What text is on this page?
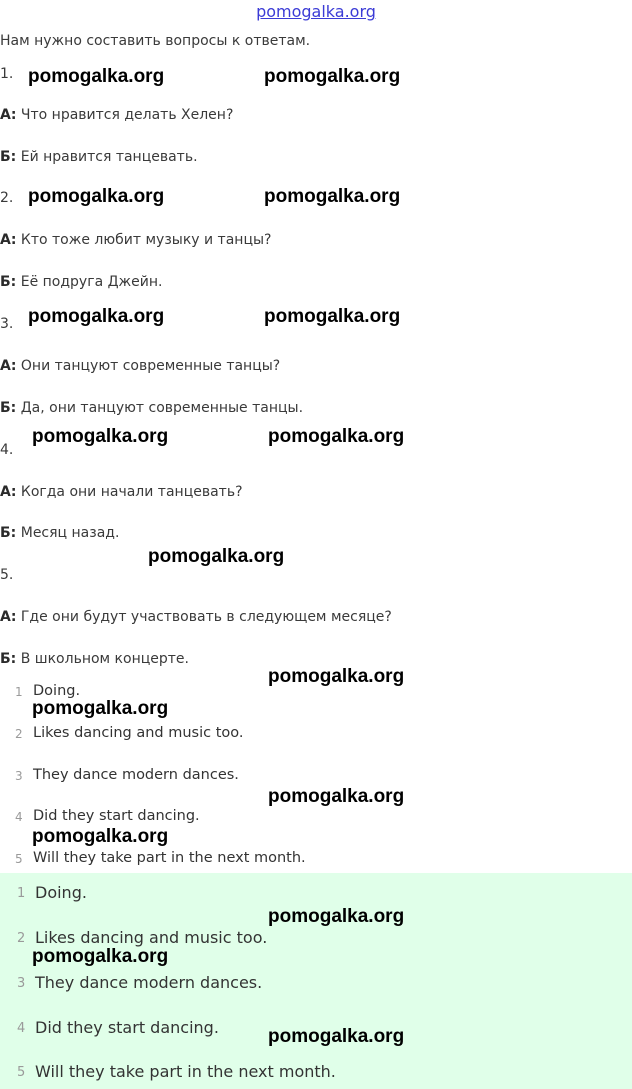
pomogalka.org
Нам нужно составить вопросы к ответам.
1.
А: Что нравится делать Хелен?
Б: Ей нравится танцевать.
2.
А: Кто тоже любит музыку и танцы?
Б: Её подруга Джейн.
3.
А: Они танцуют современные танцы?
Б: Да, они танцуют современные танцы.
4.
А: Когда они начали танцевать?
Б: Месяц назад.
5.
А: Где они будут участвовать в следующем месяце?
Б: В школьном концерте.
1 Doing.
2 Likes dancing and music too.
3 They dance modern dances.
4 Did they start dancing.
5 Will they take part in the next month.
1 Doing.
2 Likes dancing and music too.
3 They dance modern dances.
4 Did they start dancing.
5 Will they take part in the next month.
pomogalka.org	pomogalka.org
pomogalka.org	pomogalka.org
pomogalka.org	pomogalka.org
pomogalka.org	pomogalka.org
pomogalka.org
pomogalka.org
pomogalka.org
pomogalka.org
pomogalka.org
pomogalka.org
pomogalka.org
pomogalka.org
